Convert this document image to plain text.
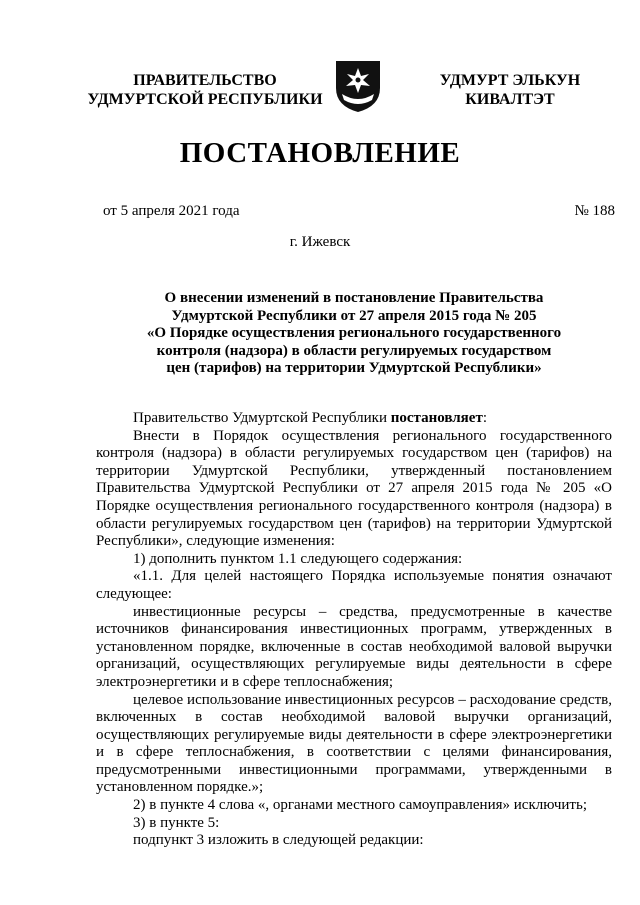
ПРАВИТЕЛЬСТВО
УДМУРТСКОЙ РЕСПУБЛИКИ
УДМУРТ ЭЛЬКУН
КИВАЛТЭТ
ПОСТАНОВЛЕНИЕ
от 5 апреля 2021 года	№ 188
г. Ижевск
О внесении изменений в постановление Правительства
Удмуртской Республики от 27 апреля 2015 года № 205
«О Порядке осуществления регионального государственного
контроля (надзора) в области регулируемых государством
цен (тарифов) на территории Удмуртской Республики»

Правительство Удмуртской Республики постановляет:

Внести в Порядок осуществления регионального государственного контроля (надзора) в области регулируемых государством цен (тарифов) на территории Удмуртской Республики, утвержденный постановлением Правительства Удмуртской Республики от 27 апреля 2015 года № 205 «О Порядке осуществления регионального государственного контроля (надзора) в области регулируемых государством цен (тарифов) на территории Удмуртской Республики», следующие изменения:

1) дополнить пунктом 1.1 следующего содержания:

«1.1. Для целей настоящего Порядка используемые понятия означают следующее:

инвестиционные ресурсы – средства, предусмотренные в качестве источников финансирования инвестиционных программ, утвержденных в установленном порядке, включенные в состав необходимой валовой выручки организаций, осуществляющих регулируемые виды деятельности в сфере электроэнергетики и в сфере теплоснабжения;

целевое использование инвестиционных ресурсов – расходование средств, включенных в состав необходимой валовой выручки организаций, осуществляющих регулируемые виды деятельности в сфере электроэнергетики и в сфере теплоснабжения, в соответствии с целями финансирования, предусмотренными инвестиционными программами, утвержденными в установленном порядке.»;

2) в пункте 4 слова «, органами местного самоуправления» исключить;

3) в пункте 5:

подпункт 3 изложить в следующей редакции:
